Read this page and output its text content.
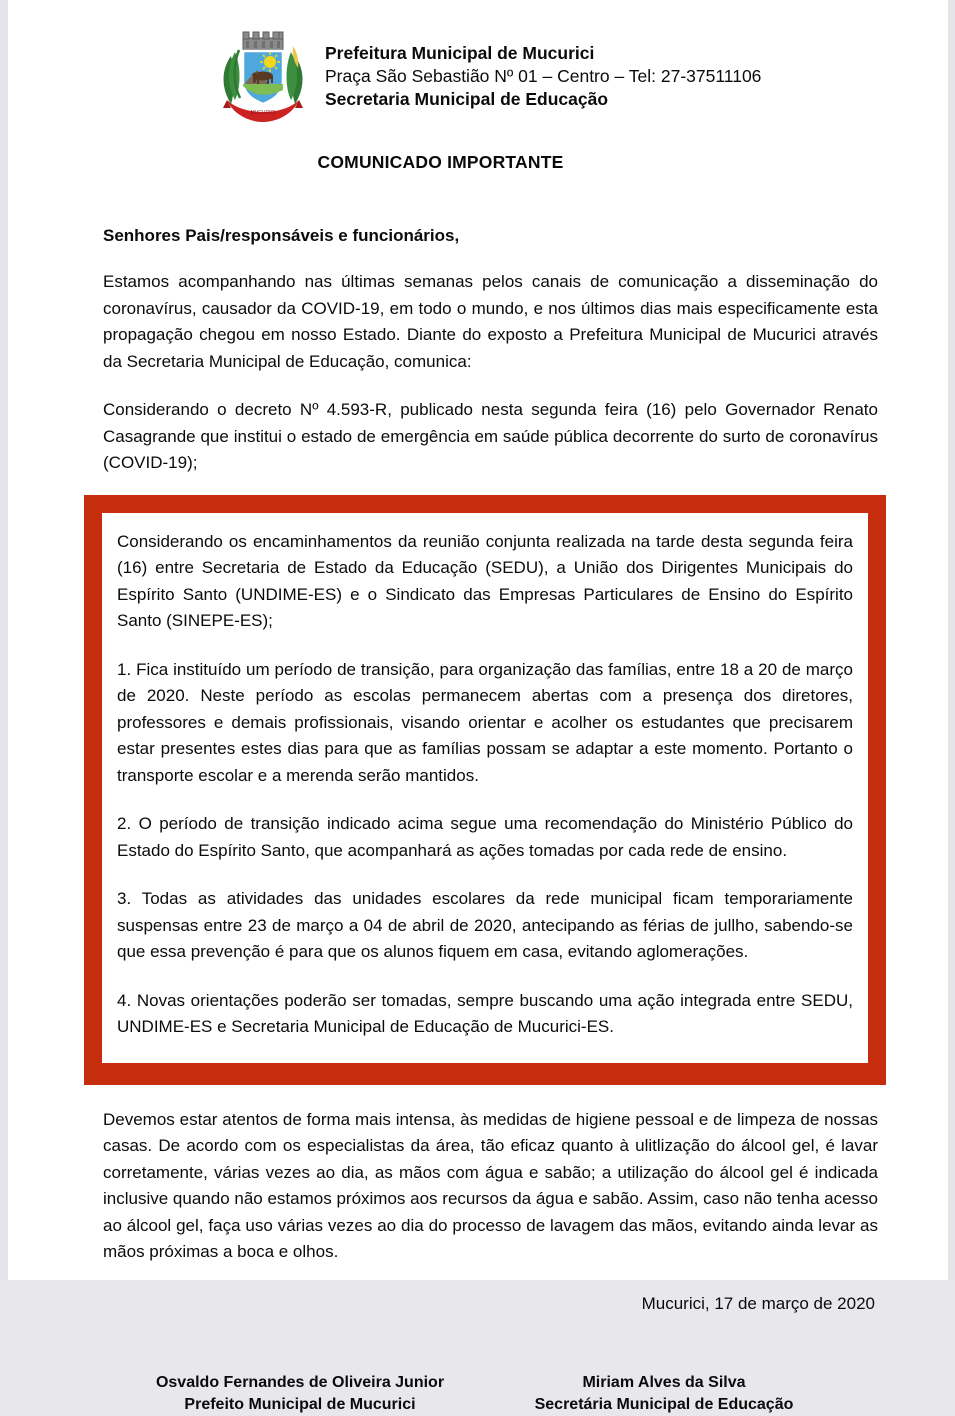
MUCURICI
Prefeitura Municipal de Mucurici
Praça São Sebastião Nº 01 – Centro – Tel: 27-37511106
Secretaria Municipal de Educação
COMUNICADO IMPORTANTE
Senhores Pais/responsáveis e funcionários,

Estamos acompanhando nas últimas semanas pelos canais de comunicação a disseminação do coronavírus, causador da COVID-19, em todo o mundo, e nos últimos dias mais especificamente esta propagação chegou em nosso Estado. Diante do exposto a Prefeitura Municipal de Mucurici através da Secretaria Municipal de Educação, comunica:

Considerando o decreto Nº 4.593-R, publicado nesta segunda feira (16) pelo Governador Renato Casagrande que institui o estado de emergência em saúde pública decorrente do surto de coronavírus (COVID-19);

Considerando os encaminhamentos da reunião conjunta realizada na tarde desta segunda feira (16) entre Secretaria de Estado da Educação (SEDU), a União dos Dirigentes Municipais do Espírito Santo (UNDIME-ES) e o Sindicato das Empresas Particulares de Ensino do Espírito Santo (SINEPE-ES);

1. Fica instituído um período de transição, para organização das famílias, entre 18 a 20 de março de 2020. Neste período as escolas permanecem abertas com a presença dos diretores, professores e demais profissionais, visando orientar e acolher os estudantes que precisarem estar presentes estes dias para que as famílias possam se adaptar a este momento. Portanto o transporte escolar e a merenda serão mantidos.

2. O período de transição indicado acima segue uma recomendação do Ministério Público do Estado do Espírito Santo, que acompanhará as ações tomadas por cada rede de ensino.

3. Todas as atividades das unidades escolares da rede municipal ficam temporariamente suspensas entre 23 de março a 04 de abril de 2020, antecipando as férias de jullho, sabendo-se que essa prevenção é para que os alunos fiquem em casa, evitando aglomerações.

4. Novas orientações poderão ser tomadas, sempre buscando uma ação integrada entre SEDU, UNDIME-ES e Secretaria Municipal de Educação de Mucurici-ES.

Devemos estar atentos de forma mais intensa, às medidas de higiene pessoal e de limpeza de nossas casas. De acordo com os especialistas da área, tão eficaz quanto à ulitlização do álcool gel, é lavar corretamente, várias vezes ao dia, as mãos com água e sabão; a utilização do álcool gel é indicada inclusive quando não estamos próximos aos recursos da água e sabão. Assim, caso não tenha acesso ao álcool gel, faça uso várias vezes ao dia do processo de lavagem das mãos, evitando ainda levar as mãos próximas a boca e olhos.

Mucurici, 17 de março de 2020
Osvaldo Fernandes de Oliveira Junior
Prefeito Municipal de Mucurici
Miriam Alves da Silva
Secretária Municipal de Educação
